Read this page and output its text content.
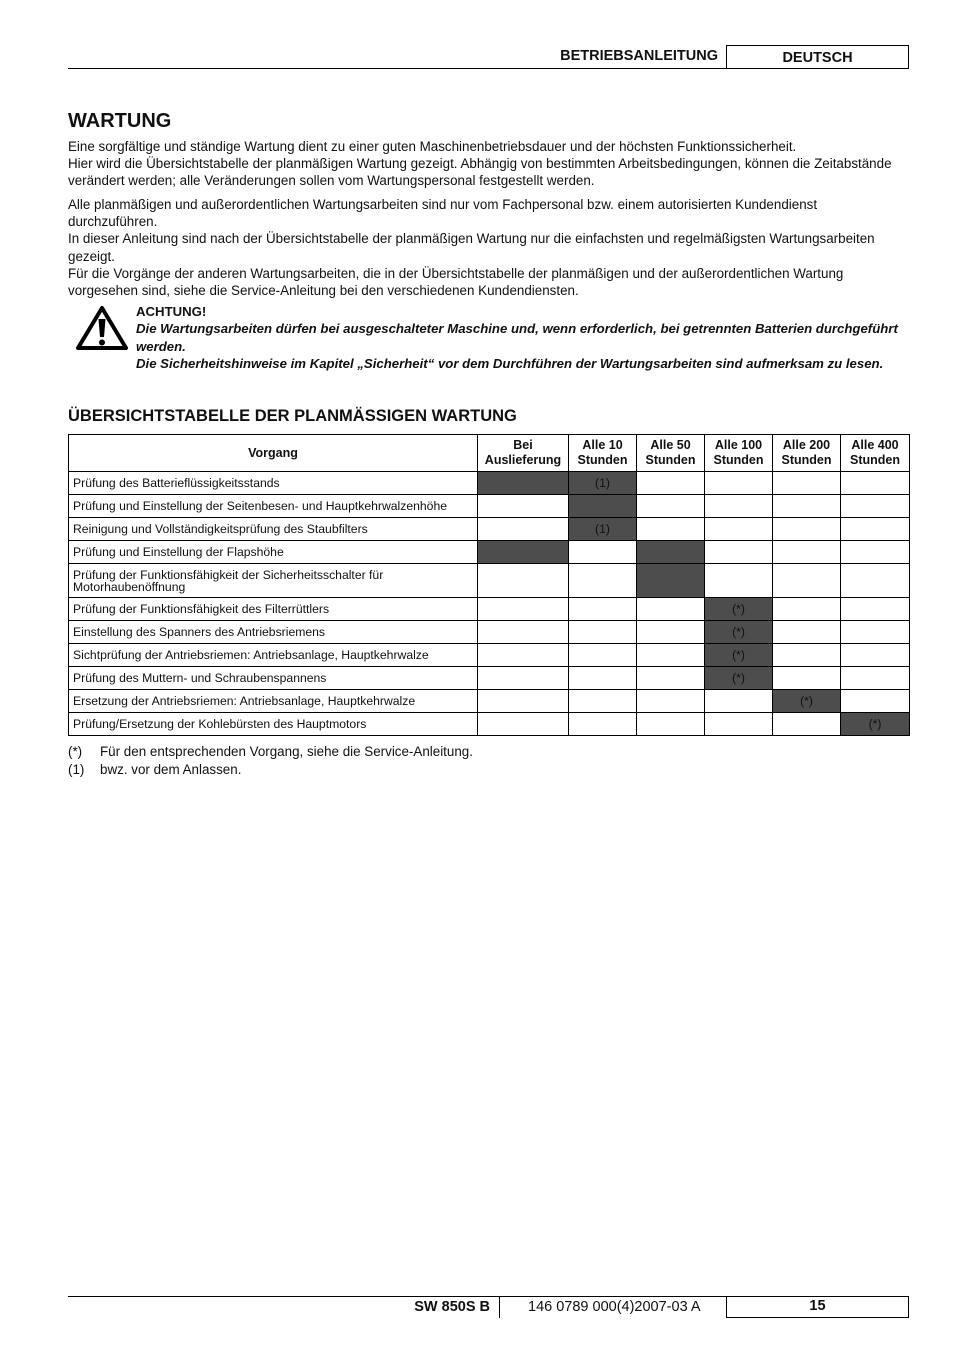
BETRIEBSANLEITUNG	DEUTSCH
WARTUNG
Eine sorgfältige und ständige Wartung dient zu einer guten Maschinenbetriebsdauer und der höchsten Funktionssicherheit.
Hier wird die Übersichtstabelle der planmäßigen Wartung gezeigt. Abhängig von bestimmten Arbeitsbedingungen, können die Zeitabstände verändert werden; alle Veränderungen sollen vom Wartungspersonal festgestellt werden.
Alle planmäßigen und außerordentlichen Wartungsarbeiten sind nur vom Fachpersonal bzw. einem autorisierten Kundendienst durchzuführen.
In dieser Anleitung sind nach der Übersichtstabelle der planmäßigen Wartung nur die einfachsten und regelmäßigsten Wartungsarbeiten gezeigt.
Für die Vorgänge der anderen Wartungsarbeiten, die in der Übersichtstabelle der planmäßigen und der außerordentlichen Wartung vorgesehen sind, siehe die Service-Anleitung bei den verschiedenen Kundendiensten.
ACHTUNG!
Die Wartungsarbeiten dürfen bei ausgeschalteter Maschine und, wenn erforderlich, bei getrennten Batterien durchgeführt werden.
Die Sicherheitshinweise im Kapitel „Sicherheit“ vor dem Durchführen der Wartungsarbeiten sind aufmerksam zu lesen.
ÜBERSICHTSTABELLE DER PLANMÄSSIGEN WARTUNG
Vorgang	Bei Auslieferung	Alle 10 Stunden	Alle 50 Stunden	Alle 100 Stunden	Alle 200 Stunden	Alle 400 Stunden
Prüfung des Batterieflüssigkeitsstands		(1)				
Prüfung und Einstellung der Seitenbesen- und Hauptkehrwalzenhöhe						
Reinigung und Vollständigkeitsprüfung des Staubfilters		(1)				
Prüfung und Einstellung der Flapshöhe						
Prüfung der Funktionsfähigkeit der Sicherheitsschalter für Motorhaubenöffnung						
Prüfung der Funktionsfähigkeit des Filterrüttlers				(*)		
Einstellung des Spanners des Antriebsriemens				(*)		
Sichtprüfung der Antriebsriemen: Antriebsanlage, Hauptkehrwalze				(*)		
Prüfung des Muttern- und Schraubenspannens				(*)		
Ersetzung der Antriebsriemen: Antriebsanlage, Hauptkehrwalze					(*)	
Prüfung/Ersetzung der Kohlebürsten des Hauptmotors						(*)
(*) Für den entsprechenden Vorgang, siehe die Service-Anleitung.
(1) bwz. vor dem Anlassen.
SW 850S B	146 0789 000(4)2007-03 A	15
